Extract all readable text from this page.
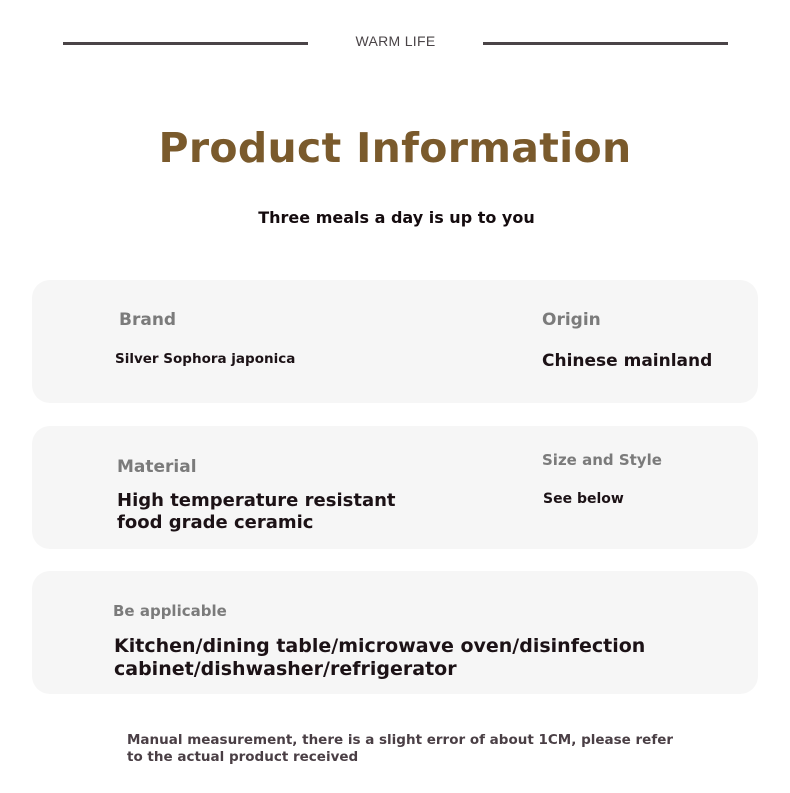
WARM LIFE
Product Information
Three meals a day is up to you
Brand
Silver Sophora japonica
Origin
Chinese mainland
Material
High temperature resistant food grade ceramic
Size and Style
See below
Be applicable
Kitchen/dining table/microwave oven/disinfection cabinet/dishwasher/refrigerator
Manual measurement, there is a slight error of about 1CM, please refer to the actual product received
